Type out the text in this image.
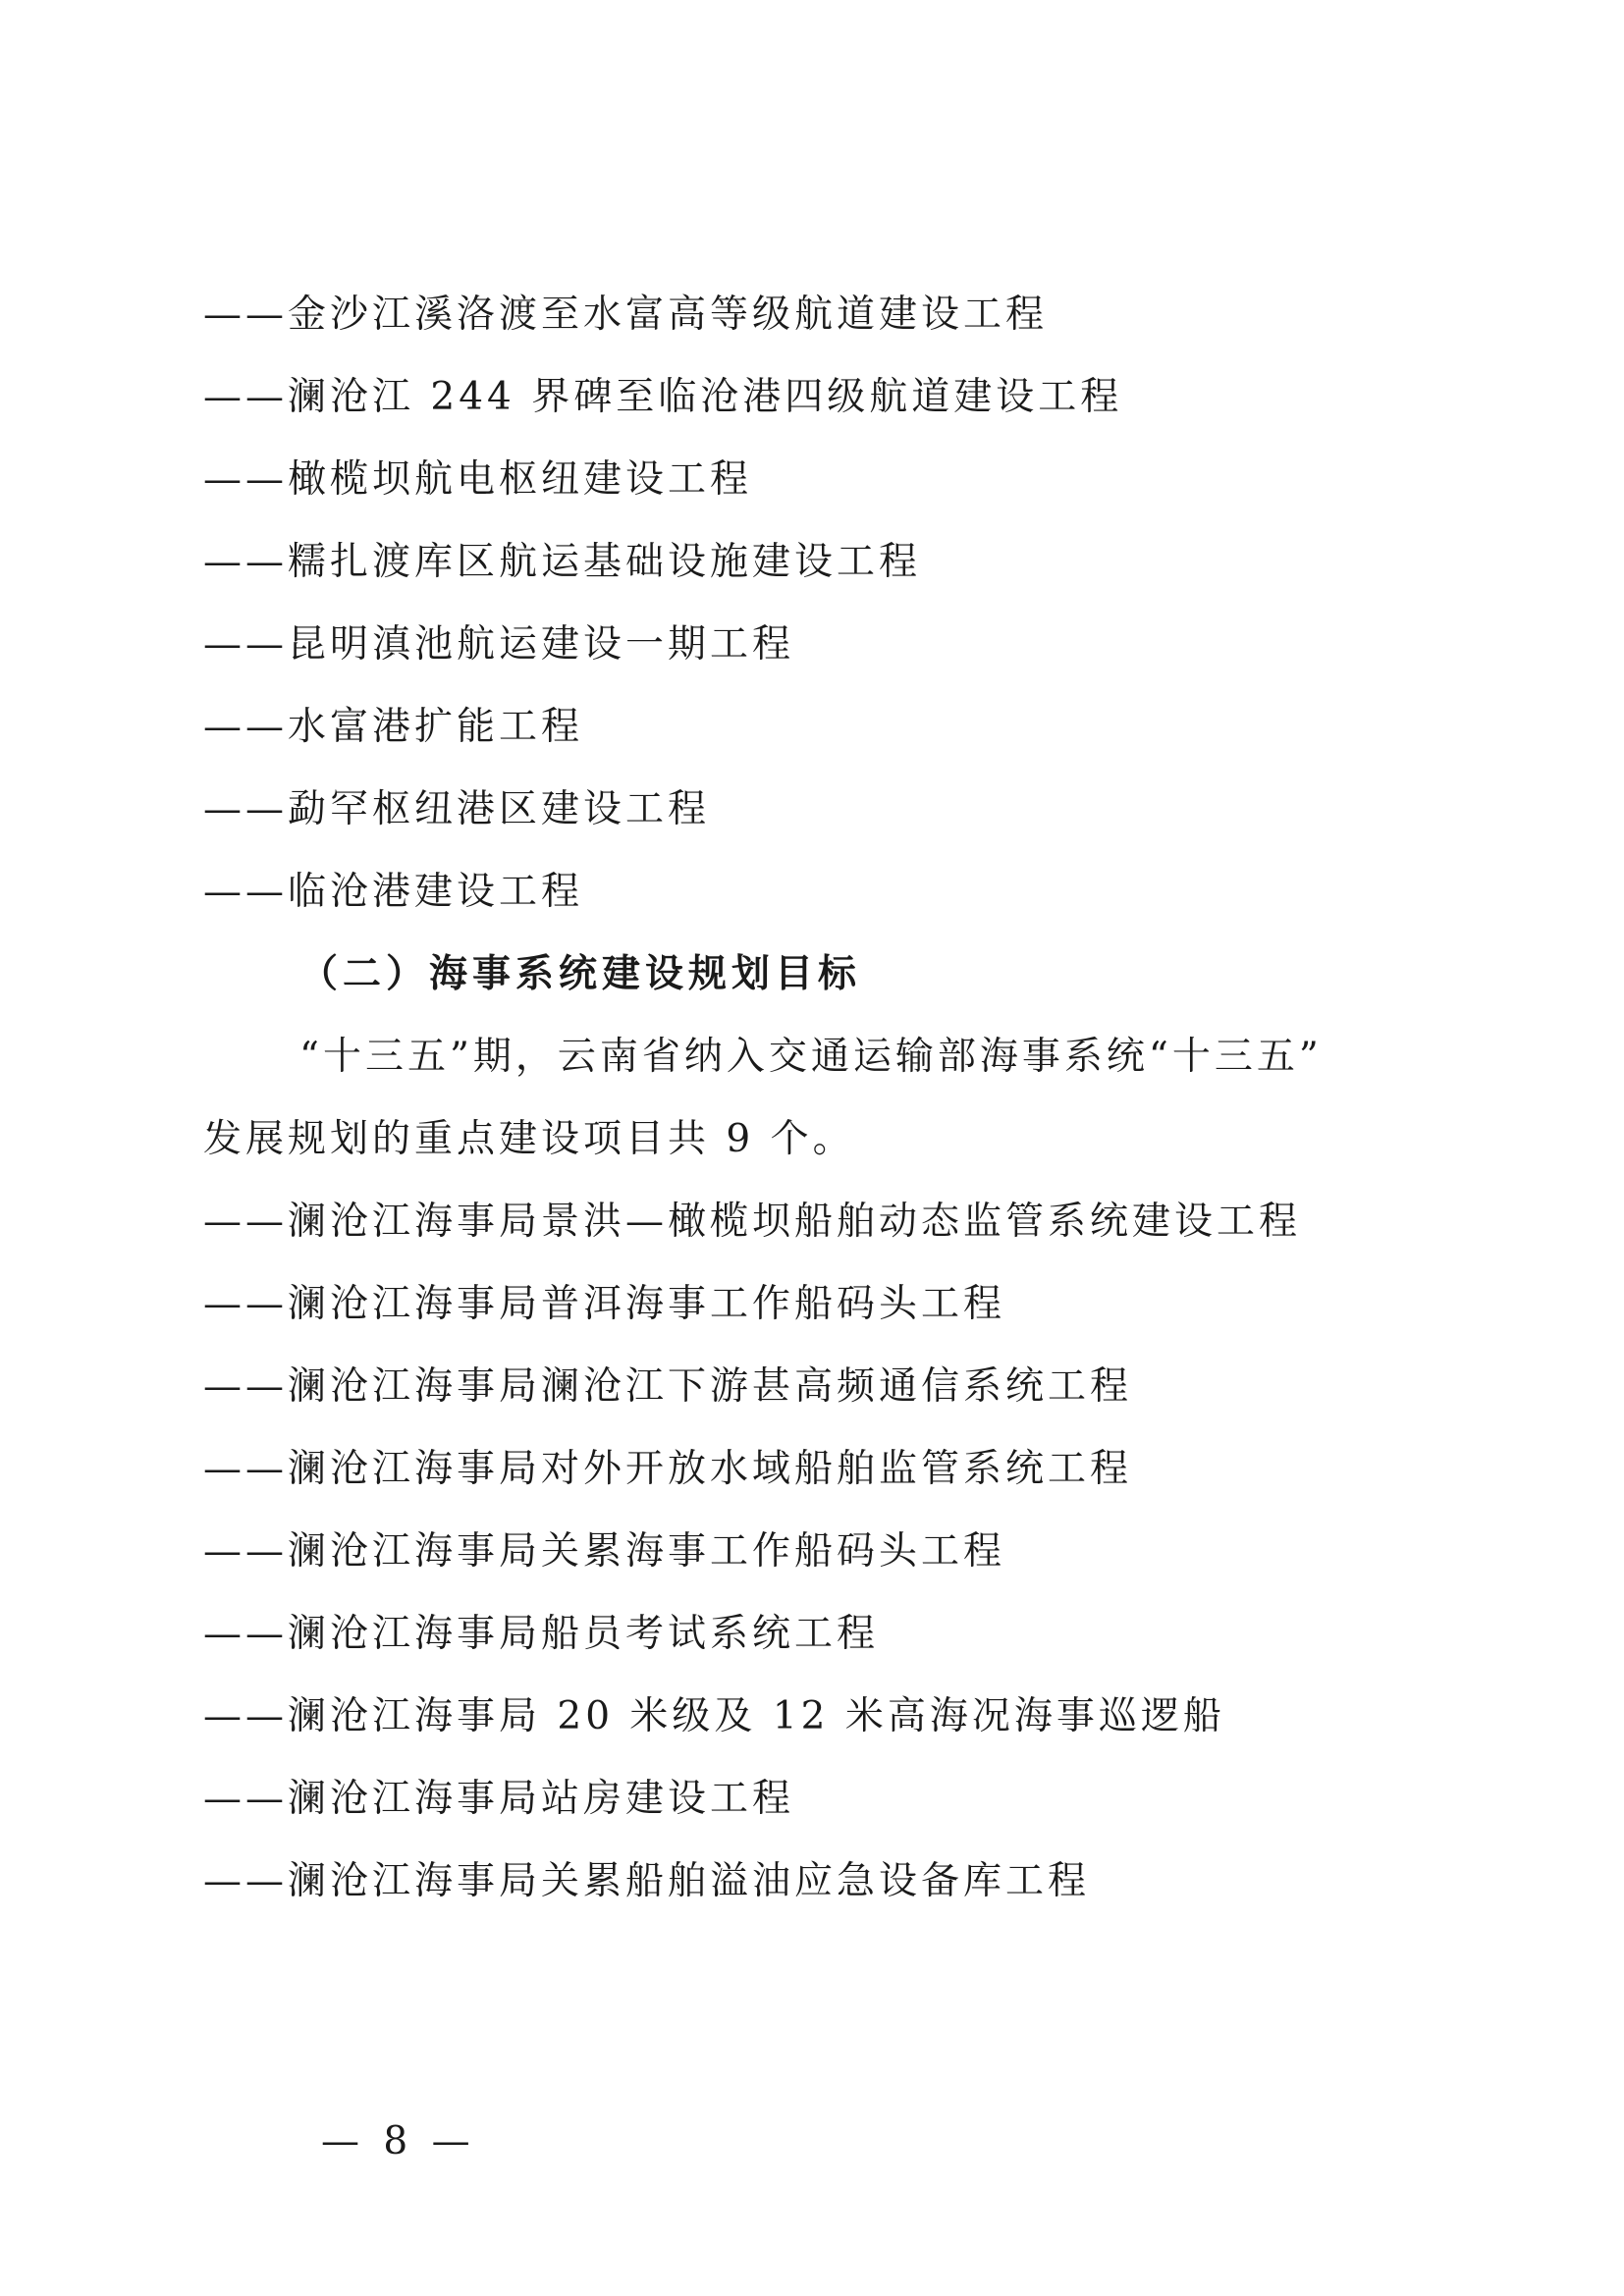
——金沙江溪洛渡至水富高等级航道建设工程
——澜沧江 244 界碑至临沧港四级航道建设工程
——橄榄坝航电枢纽建设工程
——糯扎渡库区航运基础设施建设工程
——昆明滇池航运建设一期工程
——水富港扩能工程
——勐罕枢纽港区建设工程
——临沧港建设工程
（二）海事系统建设规划目标
“十三五”期，云南省纳入交通运输部海事系统“十三五”
发展规划的重点建设项目共 9 个。
——澜沧江海事局景洪—橄榄坝船舶动态监管系统建设工程
——澜沧江海事局普洱海事工作船码头工程
——澜沧江海事局澜沧江下游甚高频通信系统工程
——澜沧江海事局对外开放水域船舶监管系统工程
——澜沧江海事局关累海事工作船码头工程
——澜沧江海事局船员考试系统工程
——澜沧江海事局 20 米级及 12 米高海况海事巡逻船
——澜沧江海事局站房建设工程
——澜沧江海事局关累船舶溢油应急设备库工程
— 8 —
